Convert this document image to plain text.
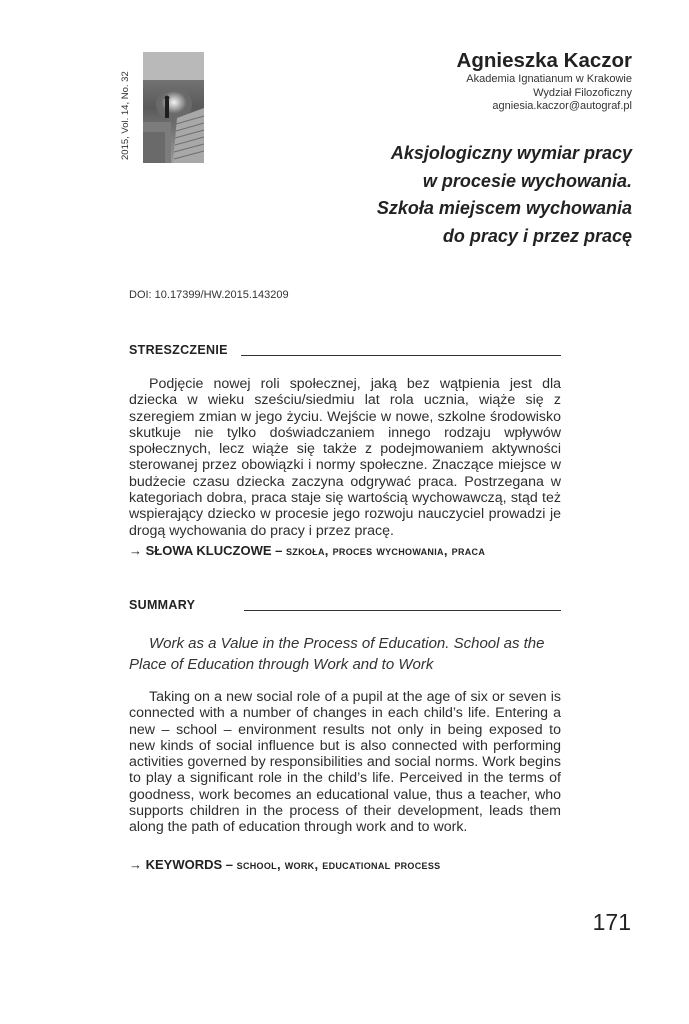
2015, Vol. 14, No. 32
Agnieszka Kaczor
Akademia Ignatianum w Krakowie
Wydział Filozoficzny
agniesia.kaczor@autograf.pl
Aksjologiczny wymiar pracy
w procesie wychowania.
Szkoła miejscem wychowania
do pracy i przez pracę
DOI: 10.17399/HW.2015.143209
STRESZCZENIE
Podjęcie nowej roli społecznej, jaką bez wątpienia jest dla dziecka w wieku sześciu/siedmiu lat rola ucznia, wiąże się z szeregiem zmian w jego życiu. Wejście w nowe, szkolne środowisko skutkuje nie tylko doświadczaniem innego rodzaju wpływów społecznych, lecz wiąże się także z podejmowaniem aktywności sterowanej przez obowiązki i normy społeczne. Znaczące miejsce w budżecie czasu dziecka zaczyna odgrywać praca. Postrzegana w kategoriach dobra, praca staje się wartością wychowawczą, stąd też wspierający dziecko w procesie jego rozwoju nauczyciel prowadzi je drogą wychowania do pracy i przez pracę.
→ SŁOWA KLUCZOWE – szkoła, proces wychowania, praca
SUMMARY
Work as a Value in the Process of Education. School as the Place of Education through Work and to Work
Taking on a new social role of a pupil at the age of six or seven is connected with a number of changes in each child’s life. Entering a new – school – environment results not only in being exposed to new kinds of social influence but is also connected with performing activities governed by responsibilities and social norms. Work begins to play a significant role in the child’s life. Perceived in the terms of goodness, work becomes an educational value, thus a teacher, who supports children in the process of their development, leads them along the path of education through work and to work.
→ KEYWORDS – school, work, educational process
171
